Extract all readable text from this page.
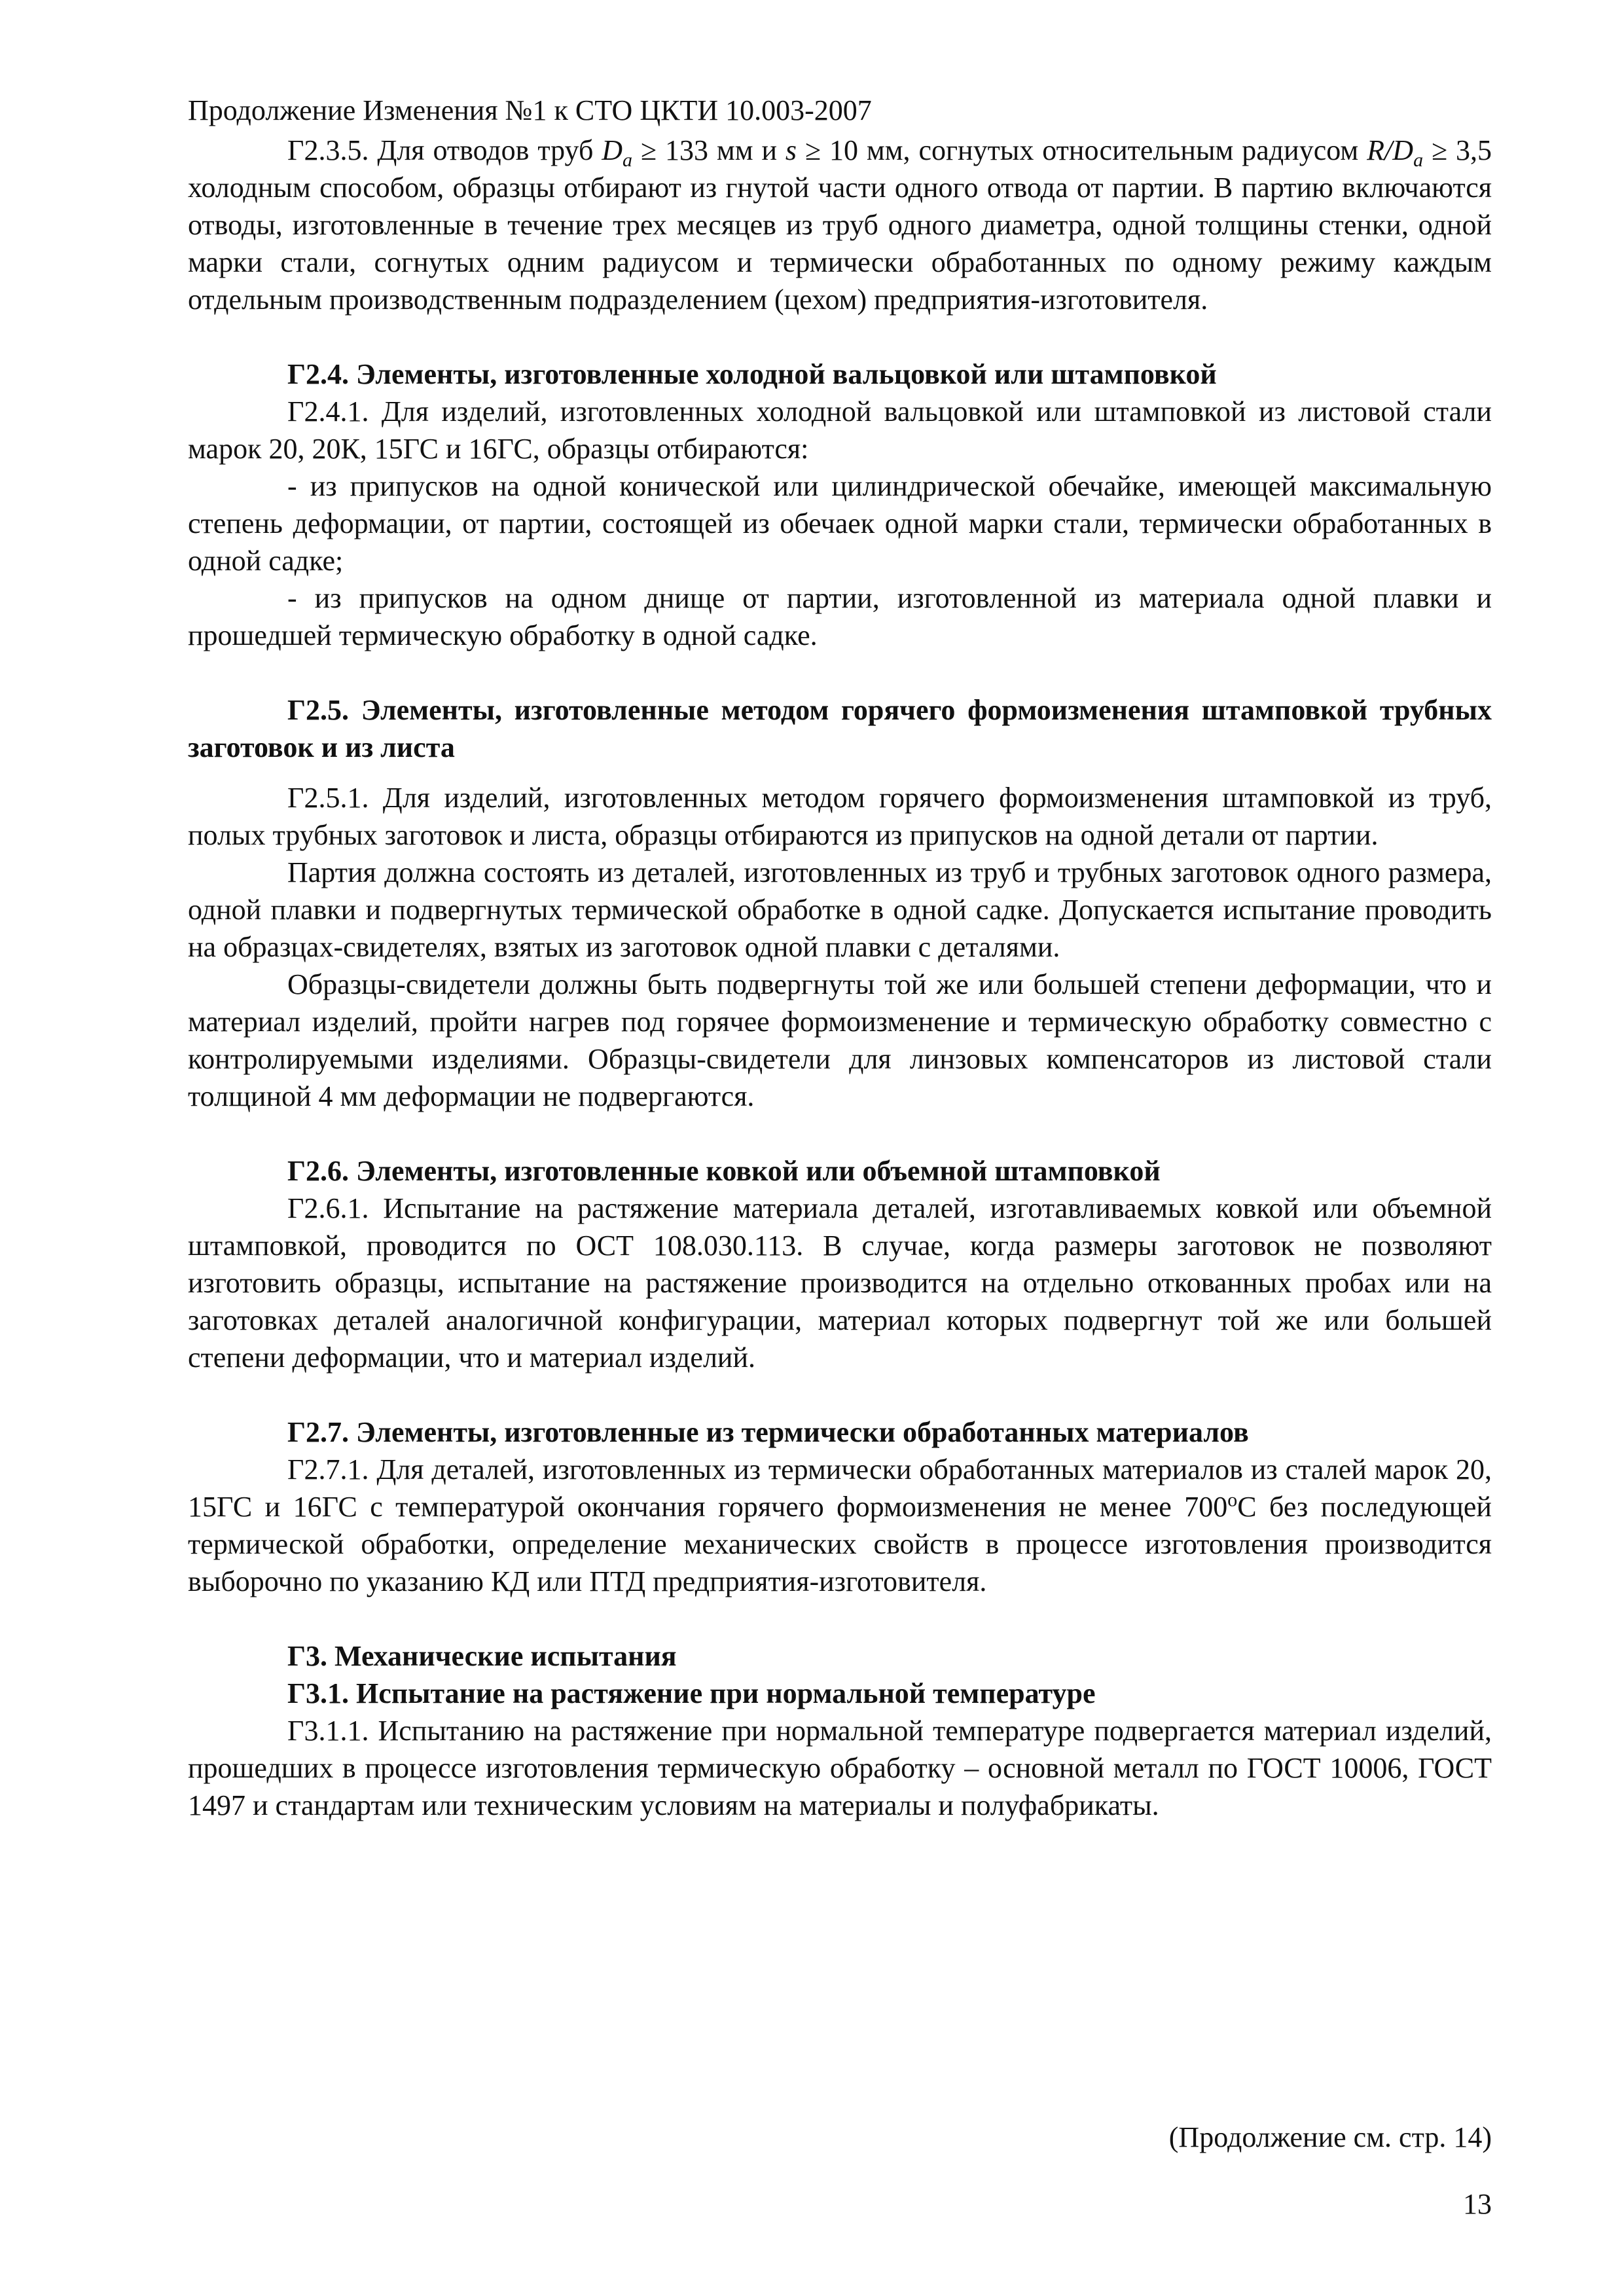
Продолжение Изменения №1 к СТО ЦКТИ 10.003-2007

Г2.3.5. Для отводов труб $D_a \ge 133$ мм и s ≥ 10 мм, согнутых относительным радиусом $R/D_a \ge 3,5$ холодным способом, образцы отбирают из гнутой части одного отвода от партии. В партию включаются отводы, изготовленные в течение трех месяцев из труб одного диаметра, одной толщины стенки, одной марки стали, согнутых одним радиусом и термически обработанных по одному режиму каждым отдельным производственным подразделением (цехом) предприятия-изготовителя.

Г2.4. Элементы, изготовленные холодной вальцовкой или штамповкой

Г2.4.1. Для изделий, изготовленных холодной вальцовкой или штамповкой из листовой стали марок 20, 20К, 15ГС и 16ГС, образцы отбираются:

- из припусков на одной конической или цилиндрической обечайке, имеющей максимальную степень деформации, от партии, состоящей из обечаек одной марки стали, термически обработанных в одной садке;

- из припусков на одном днище от партии, изготовленной из материала одной плавки и прошедшей термическую обработку в одной садке.

Г2.5. Элементы, изготовленные методом горячего формоизменения штамповкой трубных заготовок и из листа

Г2.5.1. Для изделий, изготовленных методом горячего формоизменения штамповкой из труб, полых трубных заготовок и листа, образцы отбираются из припусков на одной детали от партии.

Партия должна состоять из деталей, изготовленных из труб и трубных заготовок одного размера, одной плавки и подвергнутых термической обработке в одной садке. Допускается испытание проводить на образцах-свидетелях, взятых из заготовок одной плавки с деталями.

Образцы-свидетели должны быть подвергнуты той же или большей степени деформации, что и материал изделий, пройти нагрев под горячее формоизменение и термическую обработку совместно с контролируемыми изделиями. Образцы-свидетели для линзовых компенсаторов из листовой стали толщиной 4 мм деформации не подвергаются.

Г2.6. Элементы, изготовленные ковкой или объемной штамповкой

Г2.6.1. Испытание на растяжение материала деталей, изготавливаемых ковкой или объемной штамповкой, проводится по ОСТ 108.030.113. В случае, когда размеры заготовок не позволяют изготовить образцы, испытание на растяжение производится на отдельно откованных пробах или на заготовках деталей аналогичной конфигурации, материал которых подвергнут той же или большей степени деформации, что и материал изделий.

Г2.7. Элементы, изготовленные из термически обработанных материалов

Г2.7.1. Для деталей, изготовленных из термически обработанных материалов из сталей марок 20, 15ГС и 16ГС с температурой окончания горячего формоизменения не менее 700$^o$С без последующей термической обработки, определение механических свойств в процессе изготовления производится выборочно по указанию КД или ПТД предприятия-изготовителя.

Г3. Механические испытания
Г3.1. Испытание на растяжение при нормальной температуре

Г3.1.1. Испытанию на растяжение при нормальной температуре подвергается материал изделий, прошедших в процессе изготовления термическую обработку – основной металл по ГОСТ 10006, ГОСТ 1497 и стандартам или техническим условиям на материалы и полуфабрикаты.

(Продолжение см. стр. 14)
13
